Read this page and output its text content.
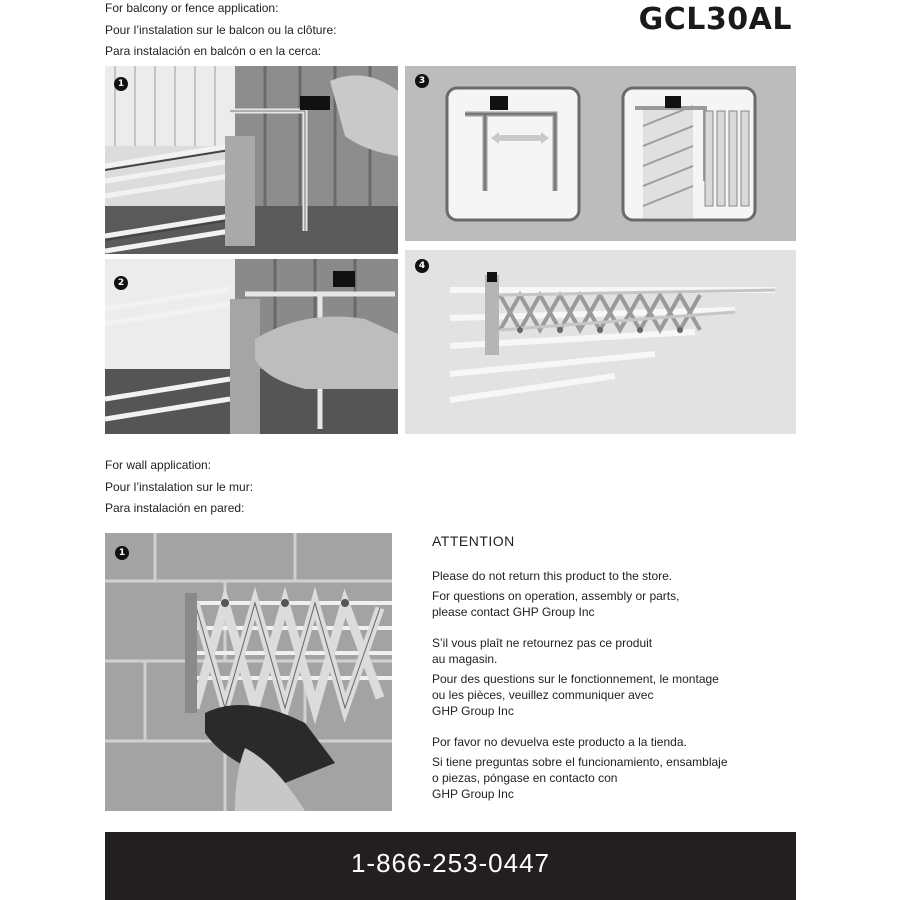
For balcony or fence application:
Pour l’instalation sur le balcon ou la clôture:
Para instalación en balcón o en la cerca:
GCL30AL
1
2
3
4
For wall application:
Pour l’instalation sur le mur:
Para instalación en pared:
1
ATTENTION

Please do not return this product to the store.

For questions on operation, assembly or parts,

please contact GHP Group Inc

S’il vous plaît ne retournez pas ce produit

au magasin.

Pour des questions sur le fonctionnement, le montage

ou les pièces, veuillez communiquer avec

GHP Group Inc

Por favor no devuelva este producto a la tienda.

Si tiene preguntas sobre el funcionamiento, ensamblaje

o piezas, póngase en contacto con

GHP Group Inc

1-866-253-0447
